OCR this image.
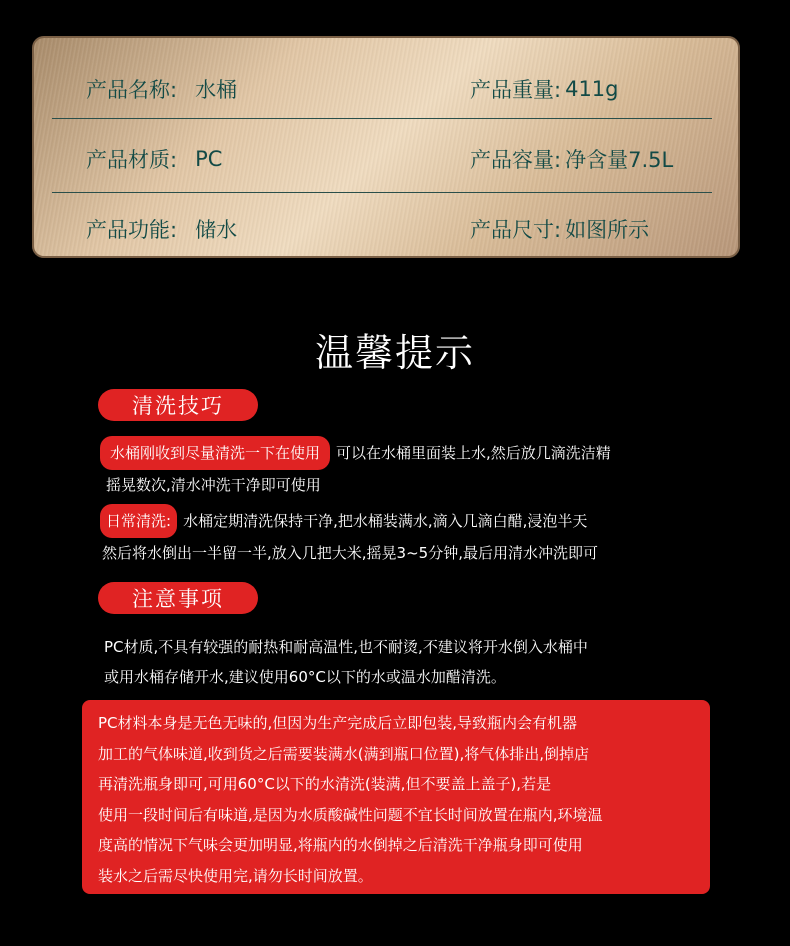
产品名称: 水桶	产品重量: 411g
产品材质: PC	产品容量: 净含量7.5L
产品功能: 储水	产品尺寸: 如图所示
温馨提示
清洗技巧
水桶刚收到尽量清洗一下在使用 可以在水桶里面装上水,然后放几滴洗洁精
摇晃数次,清水冲洗干净即可使用
日常清洗: 水桶定期清洗保持干净,把水桶装满水,滴入几滴白醋,浸泡半天
然后将水倒出一半留一半,放入几把大米,摇晃3~5分钟,最后用清水冲洗即可
注意事项
PC材质,不具有较强的耐热和耐高温性,也不耐烫,不建议将开水倒入水桶中
或用水桶存储开水,建议使用60°C以下的水或温水加醋清洗。
PC材料本身是无色无味的,但因为生产完成后立即包装,导致瓶内会有机器
加工的气体味道,收到货之后需要装满水(满到瓶口位置),将气体排出,倒掉店
再清洗瓶身即可,可用60°C以下的水清洗(装满,但不要盖上盖子),若是
使用一段时间后有味道,是因为水质酸碱性问题不宜长时间放置在瓶内,环境温
度高的情况下气味会更加明显,将瓶内的水倒掉之后清洗干净瓶身即可使用
装水之后需尽快使用完,请勿长时间放置。
